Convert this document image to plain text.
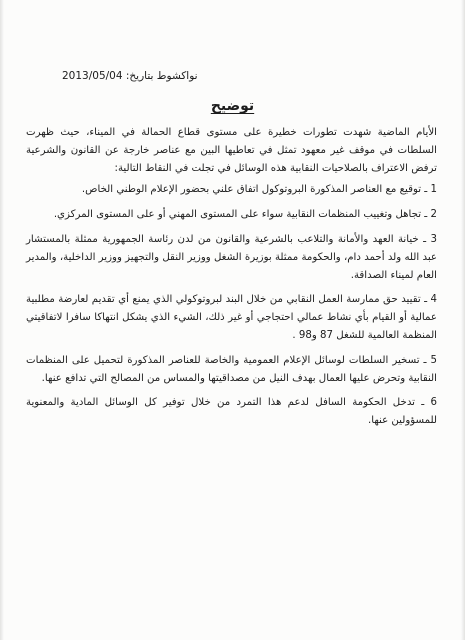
نواكشوط بتاريخ: 2013/05/04
توضيح

الأيام الماضية شهدت تطورات خطيرة على مستوى قطاع الحمالة في الميناء، حيث ظهرت السلطات في موقف غير معهود تمثل في تعاطيها البين مع عناصر خارجة عن القانون والشرعية ترفض الاعتراف بالصلاحيات النقابية هذه الوسائل في تجلت في النقاط التالية:

1 ـ توقيع مع العناصر المذكورة البروتوكول اتفاق علني بحضور الإعلام الوطني الخاص.

2 ـ تجاهل وتغييب المنظمات النقابية سواء على المستوى المهني أو على المستوى المركزي.

3 ـ خيانة العهد والأمانة والتلاعب بالشرعية والقانون من لدن رئاسة الجمهورية ممثلة بالمستشار عبد الله ولد أحمد دام، والحكومة ممثلة بوزيرة الشغل ووزير النقل والتجهيز ووزير الداخلية، والمدير العام لميناء الصداقة.

4 ـ تقييد حق ممارسة العمل النقابي من خلال البند لبروتوكولي الذي يمنع أي تقديم لعارضة مطلبية عمالية أو القيام بأي نشاط عمالي احتجاجي أو غير ذلك، الشيء الذي يشكل انتهاكا سافرا لاتفاقيتي المنظمة العالمية للشغل 87 و98 .

5 ـ تسخير السلطات لوسائل الإعلام العمومية والخاصة للعناصر المذكورة لتحميل على المنظمات النقابية وتحرض عليها العمال بهدف النيل من مصداقيتها والمساس من المصالح التي تدافع عنها.

6 ـ تدخل الحكومة السافل لدعم هذا التمرد من خلال توفير كل الوسائل المادية والمعنوية للمسؤولين عنها.
